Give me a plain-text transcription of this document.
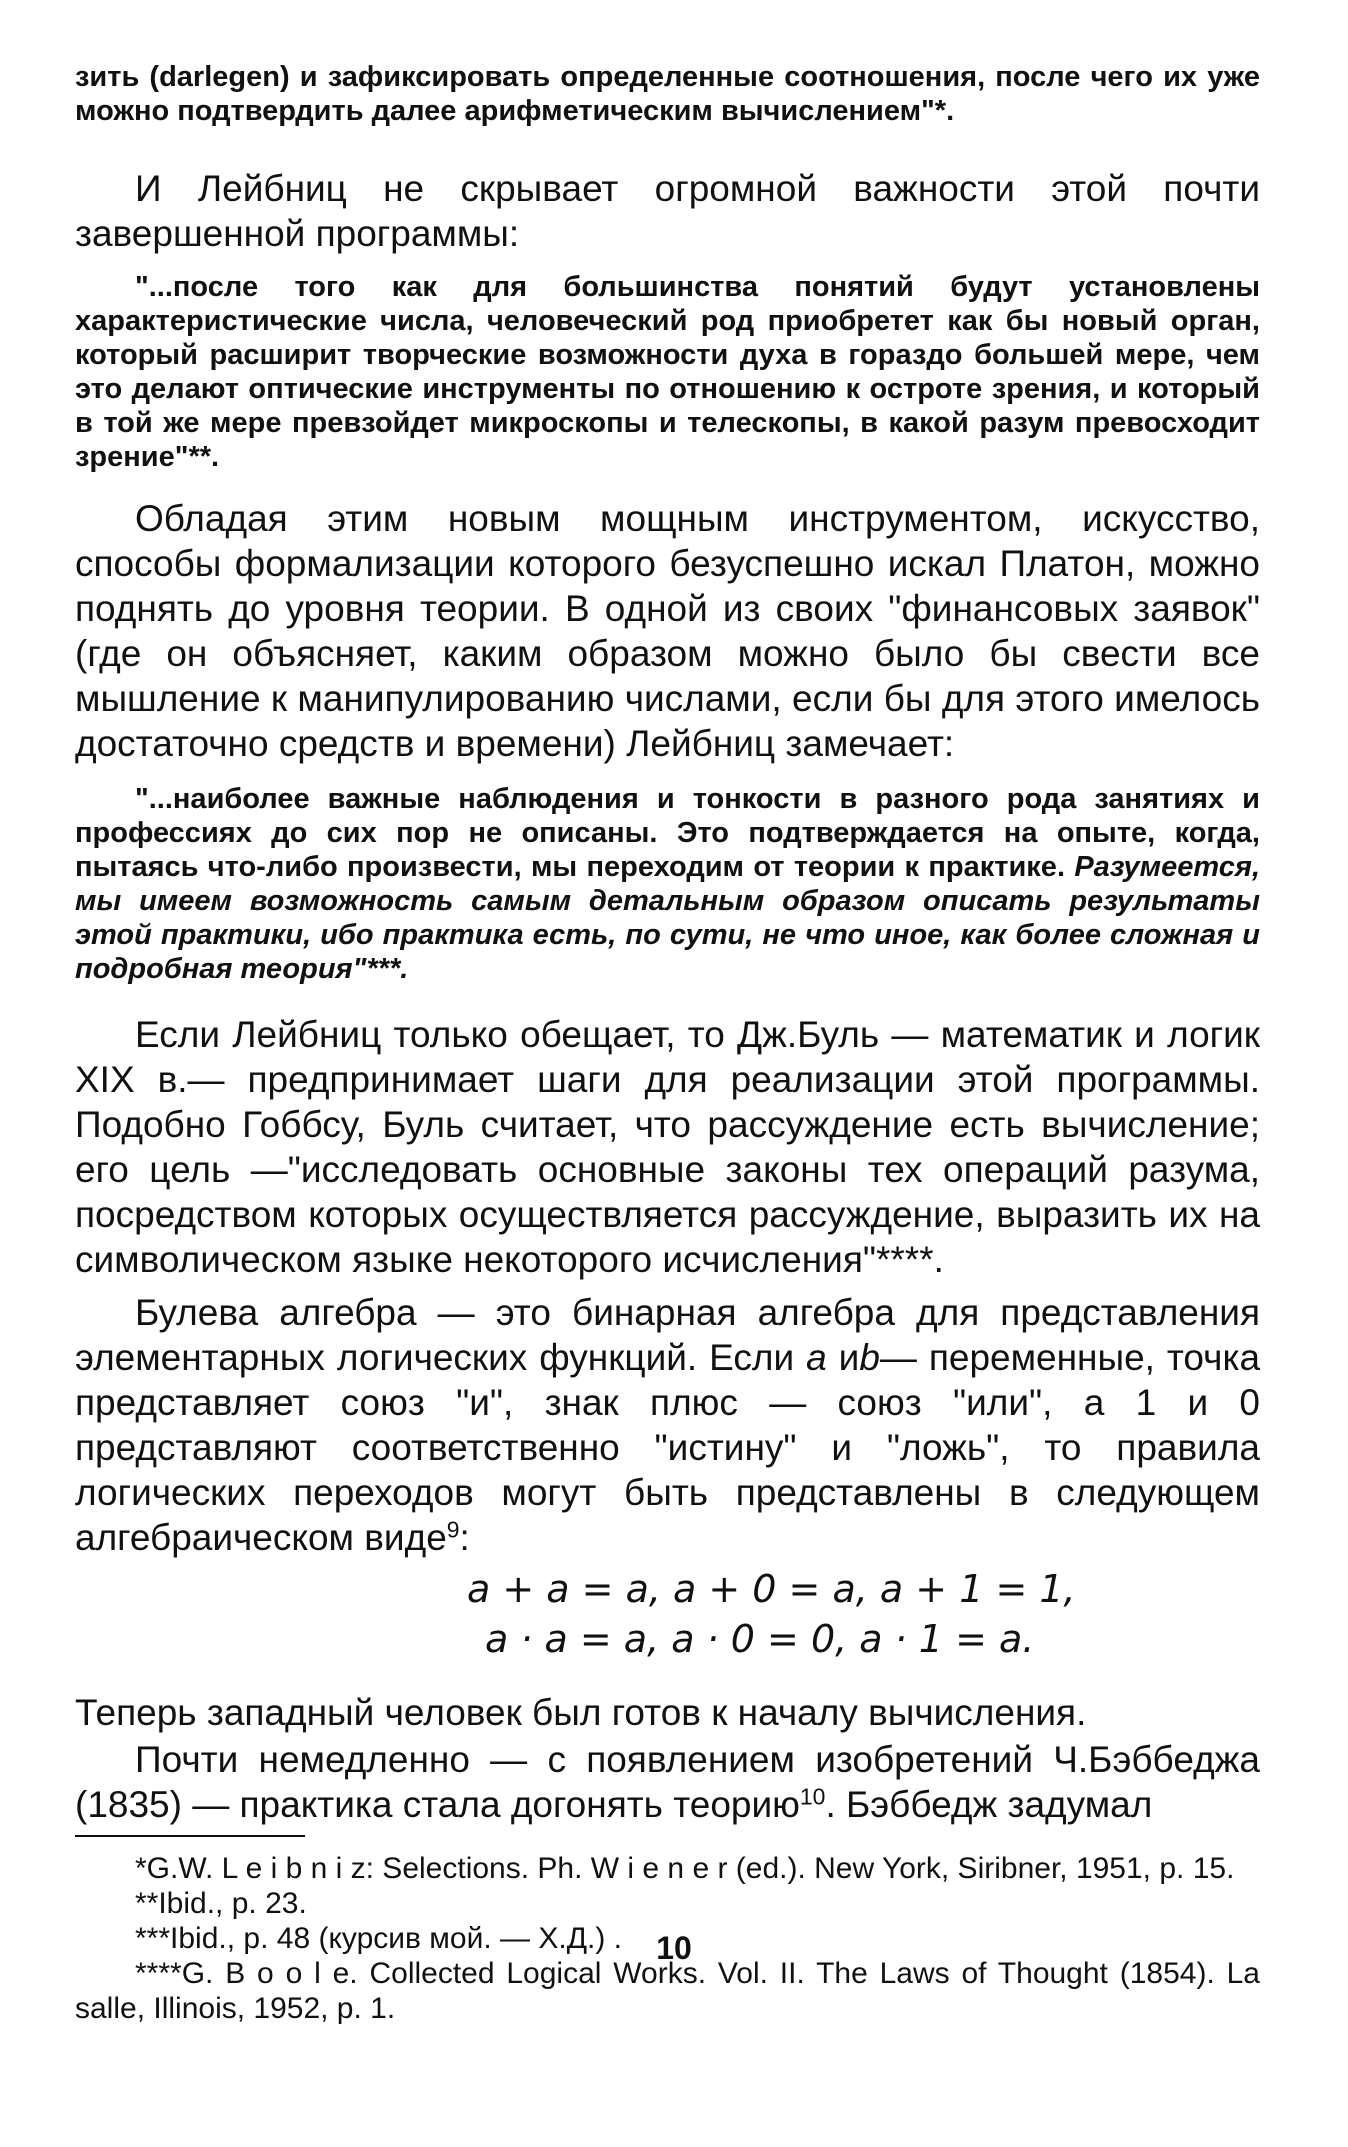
зить (darlegen) и зафиксировать определенные соотношения, после чего их уже можно подтвердить далее арифметическим вычислением"*.

И Лейбниц не скрывает огромной важности этой почти завершенной программы:

"...после того как для большинства понятий будут установлены характеристические числа, человеческий род приобретет как бы новый орган, который расширит творческие возможности духа в гораздо большей мере, чем это делают оптические инструменты по отношению к остроте зрения, и который в той же мере превзойдет микроскопы и телескопы, в какой разум превосходит зрение"**.

Обладая этим новым мощным инструментом, искусство, способы формализации которого безуспешно искал Платон, можно поднять до уровня теории. В одной из своих "финансовых заявок" (где он объясняет, каким образом можно было бы свести все мышление к манипулированию числами, если бы для этого имелось достаточно средств и времени) Лейбниц замечает:

"...наиболее важные наблюдения и тонкости в разного рода занятиях и профессиях до сих пор не описаны. Это подтверждается на опыте, когда, пытаясь что-либо произвести, мы переходим от теории к практике. Разумеется, мы имеем возможность самым детальным образом описать результаты этой практики, ибо практика есть, по сути, не что иное, как более сложная и подробная теория"***.

Если Лейбниц только обещает, то Дж.Буль — математик и логик XIX в.— предпринимает шаги для реализации этой программы. Подобно Гоббсу, Буль считает, что рассуждение есть вычисление; его цель —"исследовать основные законы тех операций разума, посредством которых осуществляется рассуждение, выразить их на символическом языке некоторого исчисления"****.

Булева алгебра — это бинарная алгебра для представления элементарных логических функций. Если a иb— переменные, точка представляет союз "и", знак плюс — союз "или", а 1 и 0 представляют соответственно "истину" и "ложь", то правила логических переходов могут быть представлены в следующем алгебраическом виде$^9$:

a + a = a, a + 0 = a, a + 1 = 1,
a · a = a, a · 0 = 0, a · 1 = a.

Теперь западный человек был готов к началу вычисления.

Почти немедленно — с появлением изобретений Ч.Бэббеджа (1835) — практика стала догонять теорию$^{10}$. Бэббедж задумал

*G.W. L e i b n i z: Selections. Ph. W i e n e r (ed.). New York, Siribner, 1951, p. 15.

**Ibid., p. 23.

***Ibid., p. 48 (курсив мой. — Х.Д.) .

****G. B o o l e. Collected Logical Works. Vol. II. The Laws of Thought (1854). La salle, Illinois, 1952, p. 1.

10
